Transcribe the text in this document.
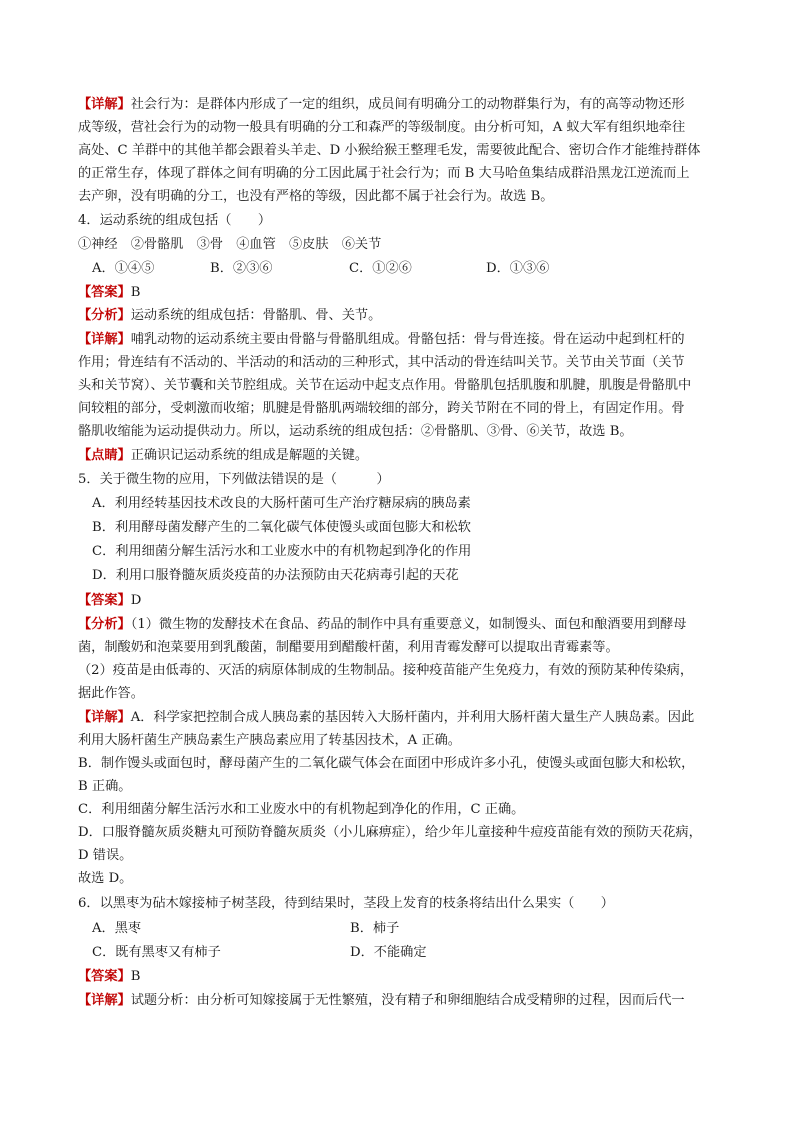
【详解】社会行为：是群体内形成了一定的组织，成员间有明确分工的动物群集行为，有的高等动物还形
成等级，营社会行为的动物一般具有明确的分工和森严的等级制度。由分析可知，A 蚁大军有组织地牵往
高处、C 羊群中的其他羊都会跟着头羊走、D 小猴给猴王整理毛发，需要彼此配合、密切合作才能维持群体
的正常生存，体现了群体之间有明确的分工因此属于社会行为；而 B 大马哈鱼集结成群沿黑龙江逆流而上
去产卵，没有明确的分工，也没有严格的等级，因此都不属于社会行为。故选 B。
4．运动系统的组成包括（　　）
①神经　②骨骼肌　③骨　④血管　⑤皮肤　⑥关节
A．①④⑤	B．②③⑥	C．①②⑥	D．①③⑥
【答案】B
【分析】运动系统的组成包括：骨骼肌、骨、关节。
【详解】哺乳动物的运动系统主要由骨骼与骨骼肌组成。骨骼包括：骨与骨连接。骨在运动中起到杠杆的
作用；骨连结有不活动的、半活动的和活动的三种形式，其中活动的骨连结叫关节。关节由关节面（关节
头和关节窝）、关节囊和关节腔组成。关节在运动中起支点作用。骨骼肌包括肌腹和肌腱，肌腹是骨骼肌中
间较粗的部分，受刺激而收缩；肌腱是骨骼肌两端较细的部分，跨关节附在不同的骨上，有固定作用。骨
骼肌收缩能为运动提供动力。所以，运动系统的组成包括：②骨骼肌、③骨、⑥关节，故选 B。
【点睛】正确识记运动系统的组成是解题的关键。
5．关于微生物的应用，下列做法错误的是（　　　）
A．利用经转基因技术改良的大肠杆菌可生产治疗糖尿病的胰岛素
B．利用酵母菌发酵产生的二氧化碳气体使馒头或面包膨大和松软
C．利用细菌分解生活污水和工业废水中的有机物起到净化的作用
D．利用口服脊髓灰质炎疫苗的办法预防由天花病毒引起的天花
【答案】D
【分析】（1）微生物的发酵技术在食品、药品的制作中具有重要意义，如制馒头、面包和酿酒要用到酵母
菌，制酸奶和泡菜要用到乳酸菌，制醋要用到醋酸杆菌，利用青霉发酵可以提取出青霉素等。
（2）疫苗是由低毒的、灭活的病原体制成的生物制品。接种疫苗能产生免疫力，有效的预防某种传染病，
据此作答。
【详解】A．科学家把控制合成人胰岛素的基因转入大肠杆菌内，并利用大肠杆菌大量生产人胰岛素。因此
利用大肠杆菌生产胰岛素生产胰岛素应用了转基因技术，A 正确。
B．制作馒头或面包时，酵母菌产生的二氧化碳气体会在面团中形成许多小孔，使馒头或面包膨大和松软，
B 正确。
C．利用细菌分解生活污水和工业废水中的有机物起到净化的作用，C 正确。
D．口服脊髓灰质炎糖丸可预防脊髓灰质炎（小儿麻痹症），给少年儿童接种牛痘疫苗能有效的预防天花病，
D 错误。
故选 D。
6．以黑枣为砧木嫁接柿子树茎段，待到结果时，茎段上发育的枝条将结出什么果实（　　）
A．黑枣	B．柿子
C．既有黑枣又有柿子	D．不能确定
【答案】B
【详解】试题分析：由分析可知嫁接属于无性繁殖，没有精子和卵细胞结合成受精卵的过程，因而后代一
